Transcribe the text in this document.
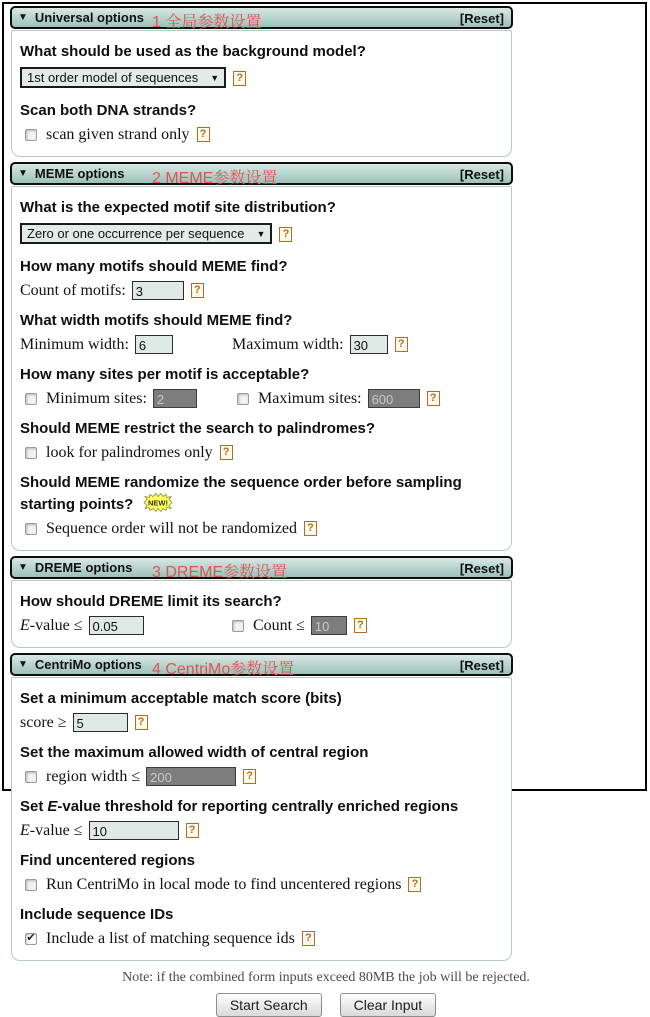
▼ Universal options 1 全局参数设置	[Reset]
What should be used as the background model?
1st order model of sequences ▼ ?
Scan both DNA strands?
scan given strand only ?
▼ MEME options 2 MEME参数设置	[Reset]
What is the expected motif site distribution?
Zero or one occurrence per sequence ▼ ?
How many motifs should MEME find?
Count of motifs: 3	?
What width motifs should MEME find?
Minimum width: 6	Maximum width: 30	?
How many sites per motif is acceptable?
Minimum sites: 2	Maximum sites: 600	?
Should MEME restrict the search to palindromes?
look for palindromes only ?
Should MEME randomize the sequence order before sampling starting points? NEW!
Sequence order will not be randomized ?
▼ DREME options 3 DREME参数设置	[Reset]
How should DREME limit its search?
E -value ≤ 0.05	Count ≤ 10	?
▼ CentriMo options 4 CentriMo参数设置	[Reset]
Set a minimum acceptable match score (bits)
score ≥ 5	?
Set the maximum allowed width of central region
region width ≤ 200	?
Set E-value threshold for reporting centrally enriched regions
E -value ≤ 10	?
Find uncentered regions
Run CentriMo in local mode to find uncentered regions ?
Include sequence IDs
✔ Include a list of matching sequence ids ?
Note: if the combined form inputs exceed 80MB the job will be rejected.
Start Search	Clear Input
